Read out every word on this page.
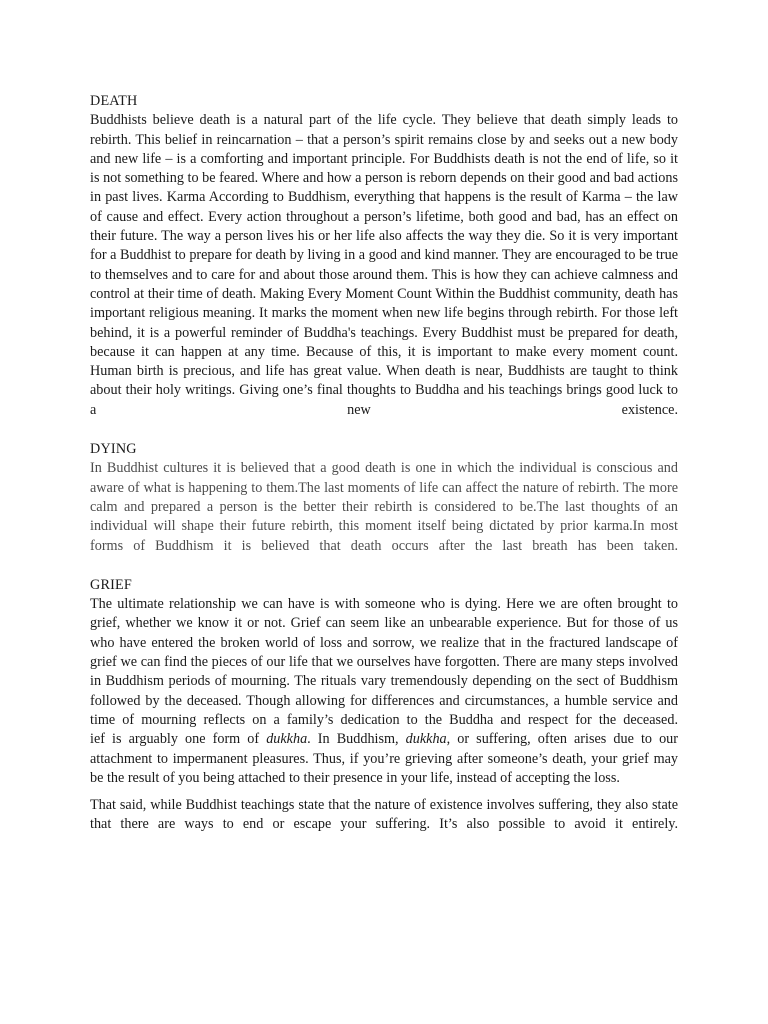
DEATH

Buddhists believe death is a natural part of the life cycle. They believe that death simply leads to rebirth. This belief in reincarnation – that a person’s spirit remains close by and seeks out a new body and new life – is a comforting and important principle. For Buddhists death is not the end of life, so it is not something to be feared. Where and how a person is reborn depends on their good and bad actions in past lives. Karma According to Buddhism, everything that happens is the result of Karma – the law of cause and effect. Every action throughout a person’s lifetime, both good and bad, has an effect on their future. The way a person lives his or her life also affects the way they die. So it is very important for a Buddhist to prepare for death by living in a good and kind manner. They are encouraged to be true to themselves and to care for and about those around them. This is how they can achieve calmness and control at their time of death. Making Every Moment Count Within the Buddhist community, death has important religious meaning. It marks the moment when new life begins through rebirth. For those left behind, it is a powerful reminder of Buddha's teachings. Every Buddhist must be prepared for death, because it can happen at any time. Because of this, it is important to make every moment count. Human birth is precious, and life has great value. When death is near, Buddhists are taught to think about their holy writings. Giving one’s final thoughts to Buddha and his teachings brings good luck to a new existence.

DYING

In Buddhist cultures it is believed that a good death is one in which the individual is conscious and aware of what is happening to them.The last moments of life can affect the nature of rebirth. The more calm and prepared a person is the better their rebirth is considered to be.The last thoughts of an individual will shape their future rebirth, this moment itself being dictated by prior karma.In most forms of Buddhism it is believed that death occurs after the last breath has been taken.

GRIEF

The ultimate relationship we can have is with someone who is dying. Here we are often brought to grief, whether we know it or not. Grief can seem like an unbearable experience. But for those of us who have entered the broken world of loss and sorrow, we realize that in the fractured landscape of grief we can find the pieces of our life that we ourselves have forgotten. There are many steps involved in Buddhism periods of mourning. The rituals vary tremendously depending on the sect of Buddhism followed by the deceased. Though allowing for differences and circumstances, a humble service and time of mourning reflects on a family’s dedication to the Buddha and respect for the deceased.

ief is arguably one form of dukkha. In Buddhism, dukkha, or suffering, often arises due to our attachment to impermanent pleasures. Thus, if you’re grieving after someone’s death, your grief may be the result of you being attached to their presence in your life, instead of accepting the loss.

That said, while Buddhist teachings state that the nature of existence involves suffering, they also state that there are ways to end or escape your suffering. It’s also possible to avoid it entirely.
